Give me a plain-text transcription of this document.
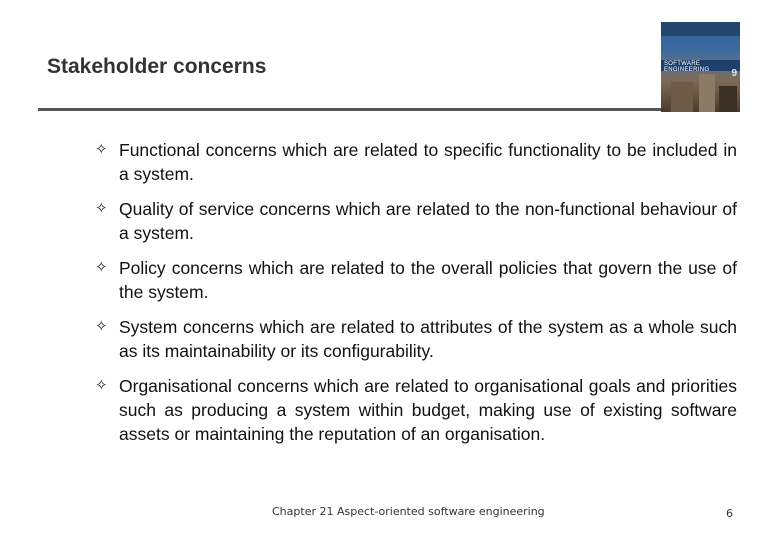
Stakeholder concerns	SOFTWARE ENGINEERING	9
✧ Functional concerns which are related to specific functionality to be included in a system.
✧ Quality of service concerns which are related to the non-functional behaviour of a system.
✧ Policy concerns which are related to the overall policies that govern the use of the system.
✧ System concerns which are related to attributes of the system as a whole such as its maintainability or its configurability.
✧ Organisational concerns which are related to organisational goals and priorities such as producing a system within budget, making use of existing software assets or maintaining the reputation of an organisation.
Chapter 21 Aspect-oriented software engineering	6
